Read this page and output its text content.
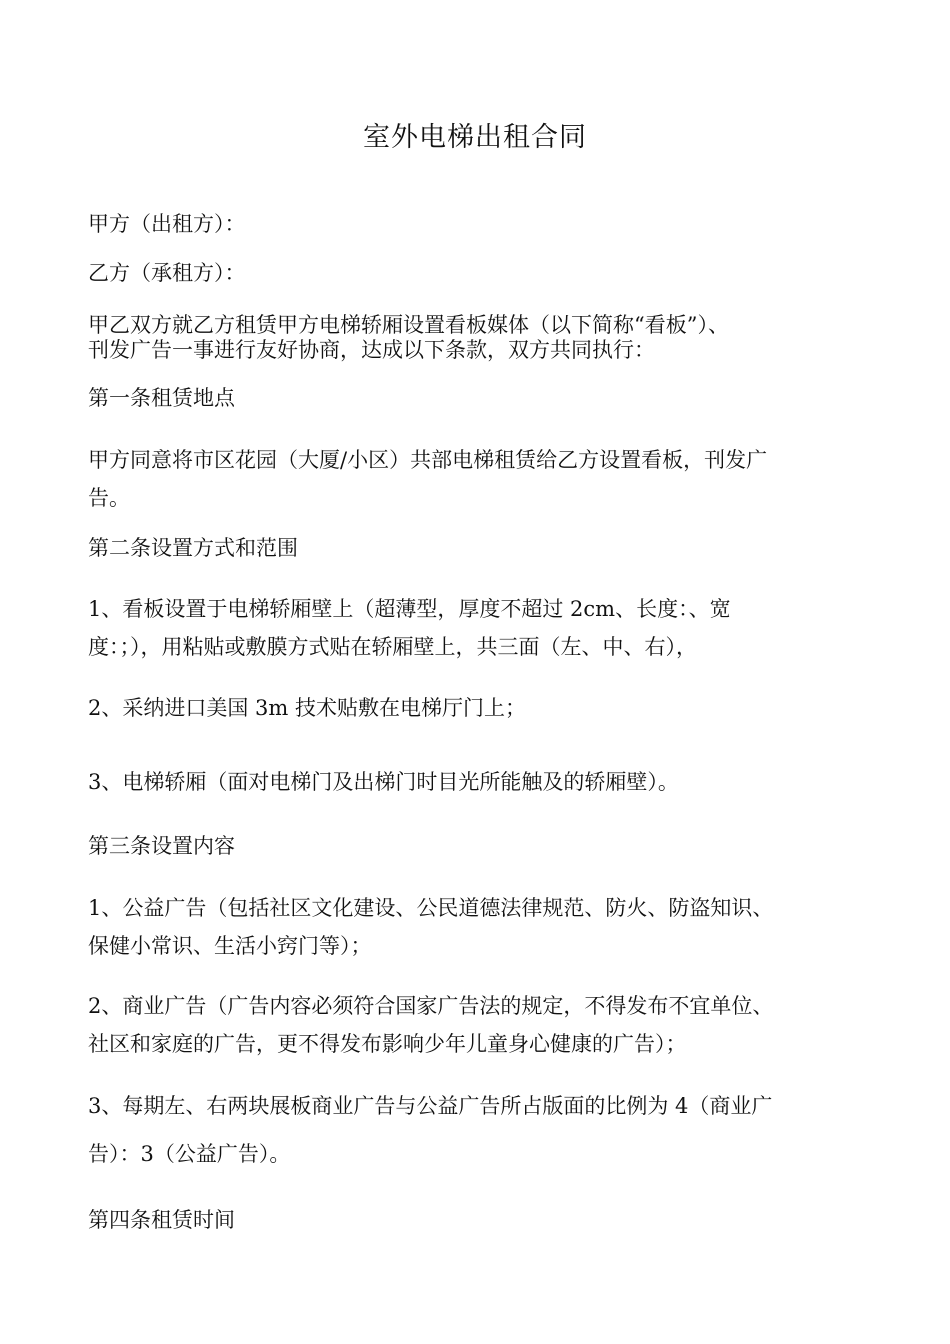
室外电梯出租合同
甲方（出租方）：
乙方（承租方）：
甲乙双方就乙方租赁甲方电梯轿厢设置看板媒体（以下简称“看板”）、
刊发广告一事进行友好协商，达成以下条款，双方共同执行：
第一条租赁地点
甲方同意将市区花园（大厦/小区）共部电梯租赁给乙方设置看板，刊发广
告。
第二条设置方式和范围
1、看板设置于电梯轿厢壁上（超薄型，厚度不超过 2cm、长度：、宽
度：；），用粘贴或敷膜方式贴在轿厢壁上，共三面（左、中、右），
2、采纳进口美国 3m 技术贴敷在电梯厅门上；
3、电梯轿厢（面对电梯门及出梯门时目光所能触及的轿厢壁）。
第三条设置内容
1、公益广告（包括社区文化建设、公民道德法律规范、防火、防盗知识、
保健小常识、生活小窍门等）；
2、商业广告（广告内容必须符合国家广告法的规定，不得发布不宜单位、
社区和家庭的广告，更不得发布影响少年儿童身心健康的广告）；
3、每期左、右两块展板商业广告与公益广告所占版面的比例为 4（商业广
告）：3（公益广告）。
第四条租赁时间
